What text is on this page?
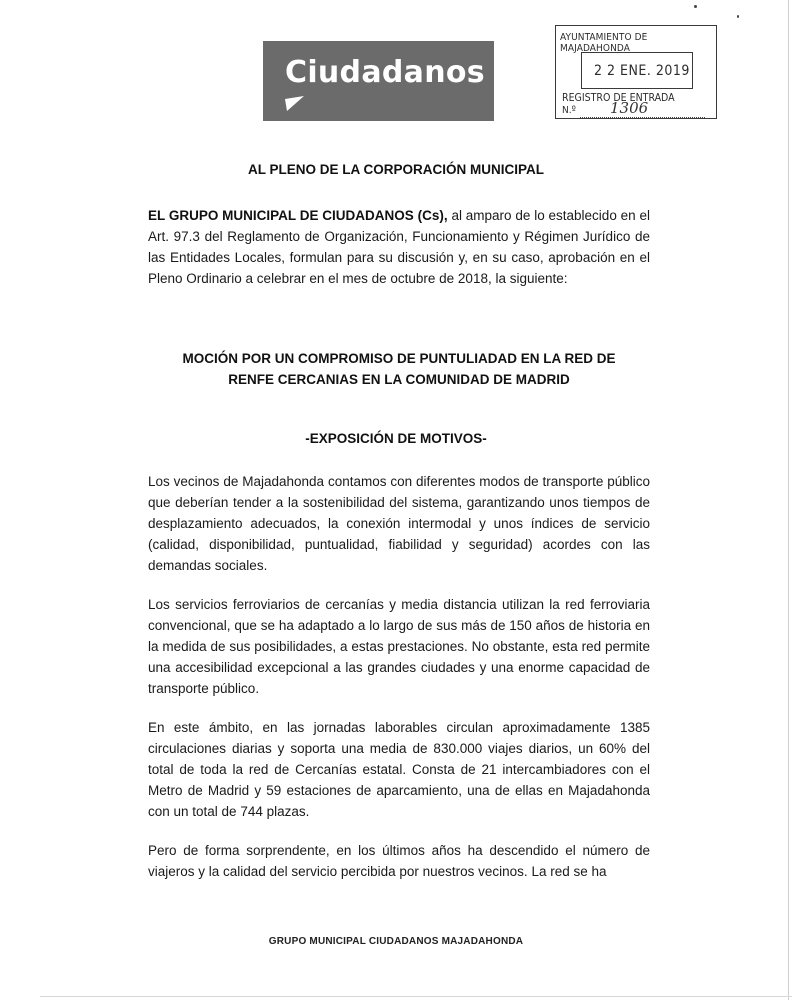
Ciudadanos
AYUNTAMIENTO DE MAJADAHONDA
2 2 ENE. 2019
REGISTRO DE ENTRADA
N.º 1306
AL PLENO DE LA CORPORACIÓN MUNICIPAL
EL GRUPO MUNICIPAL DE CIUDADANOS (Cs), al amparo de lo establecido en el Art. 97.3 del Reglamento de Organización, Funcionamiento y Régimen Jurídico de las Entidades Locales, formulan para su discusión y, en su caso, aprobación en el Pleno Ordinario a celebrar en el mes de octubre de 2018, la siguiente:
MOCIÓN POR UN COMPROMISO DE PUNTULIADAD EN LA RED DE
RENFE CERCANIAS EN LA COMUNIDAD DE MADRID
-EXPOSICIÓN DE MOTIVOS-
Los vecinos de Majadahonda contamos con diferentes modos de transporte público que deberían tender a la sostenibilidad del sistema, garantizando unos tiempos de desplazamiento adecuados, la conexión intermodal y unos índices de servicio (calidad, disponibilidad, puntualidad, fiabilidad y seguridad) acordes con las demandas sociales.
Los servicios ferroviarios de cercanías y media distancia utilizan la red ferroviaria convencional, que se ha adaptado a lo largo de sus más de 150 años de historia en la medida de sus posibilidades, a estas prestaciones. No obstante, esta red permite una accesibilidad excepcional a las grandes ciudades y una enorme capacidad de transporte público.
En este ámbito, en las jornadas laborables circulan aproximadamente 1385 circulaciones diarias y soporta una media de 830.000 viajes diarios, un 60% del total de toda la red de Cercanías estatal. Consta de 21 intercambiadores con el Metro de Madrid y 59 estaciones de aparcamiento, una de ellas en Majadahonda con un total de 744 plazas.
Pero de forma sorprendente, en los últimos años ha descendido el número de viajeros y la calidad del servicio percibida por nuestros vecinos. La red se ha
GRUPO MUNICIPAL CIUDADANOS MAJADAHONDA
